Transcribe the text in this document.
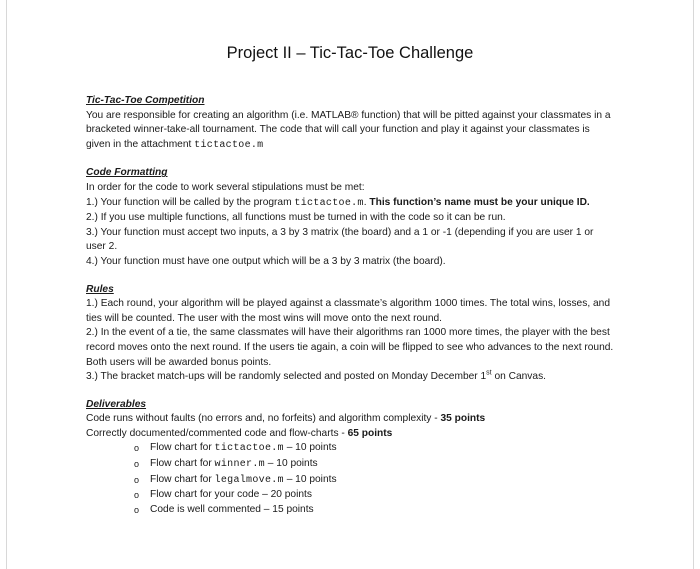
Project II – Tic-Tac-Toe Challenge
Tic-Tac-Toe Competition

You are responsible for creating an algorithm (i.e. MATLAB® function) that will be pitted against your classmates in a bracketed winner-take-all tournament. The code that will call your function and play it against your classmates is given in the attachment tictactoe.m

Code Formatting

In order for the code to work several stipulations must be met:

1.) Your function will be called by the program tictactoe.m. This function’s name must be your unique ID.

2.) If you use multiple functions, all functions must be turned in with the code so it can be run.

3.) Your function must accept two inputs, a 3 by 3 matrix (the board) and a 1 or -1 (depending if you are user 1 or user 2.

4.) Your function must have one output which will be a 3 by 3 matrix (the board).

Rules

1.) Each round, your algorithm will be played against a classmate’s algorithm 1000 times. The total wins, losses, and ties will be counted. The user with the most wins will move onto the next round.

2.) In the event of a tie, the same classmates will have their algorithms ran 1000 more times, the player with the best record moves onto the next round. If the users tie again, a coin will be flipped to see who advances to the next round. Both users will be awarded bonus points.

3.) The bracket match-ups will be randomly selected and posted on Monday December 1st on Canvas.

Deliverables

Code runs without faults (no errors and, no forfeits) and algorithm complexity - 35 points

Correctly documented/commented code and flow-charts - 65 points

o Flow chart for tictactoe.m – 10 points
o Flow chart for winner.m – 10 points
o Flow chart for legalmove.m – 10 points
o Flow chart for your code – 20 points
o Code is well commented – 15 points
